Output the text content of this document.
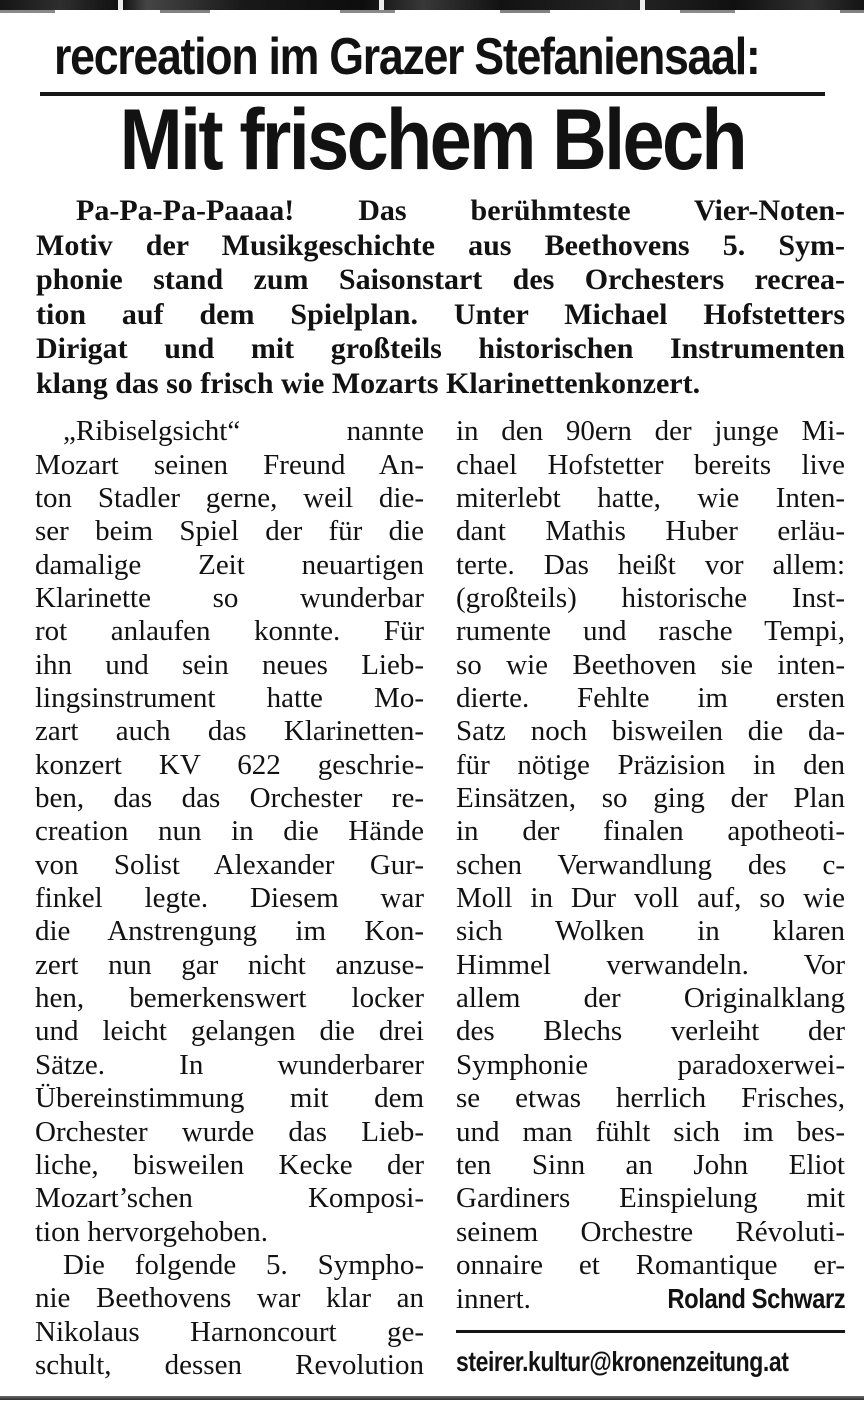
recreation im Grazer Stefaniensaal:
Mit frischem Blech
Pa-Pa-Pa-Paaaa! Das berühmteste Vier-Noten-
Motiv der Musikgeschichte aus Beethovens 5. Sym-
phonie stand zum Saisonstart des Orchesters recrea-
tion auf dem Spielplan. Unter Michael Hofstetters
Dirigat und mit großteils historischen Instrumenten
klang das so frisch wie Mozarts Klarinettenkonzert.
„Ribiselgsicht“ nannte
Mozart seinen Freund An-
ton Stadler gerne, weil die-
ser beim Spiel der für die
damalige Zeit neuartigen
Klarinette so wunderbar
rot anlaufen konnte. Für
ihn und sein neues Lieb-
lingsinstrument hatte Mo-
zart auch das Klarinetten-
konzert KV 622 geschrie-
ben, das das Orchester re-
creation nun in die Hände
von Solist Alexander Gur-
finkel legte. Diesem war
die Anstrengung im Kon-
zert nun gar nicht anzuse-
hen, bemerkenswert locker
und leicht gelangen die drei
Sätze. In wunderbarer
Übereinstimmung mit dem
Orchester wurde das Lieb-
liche, bisweilen Kecke der
Mozart’schen Komposi-
tion hervorgehoben.
Die folgende 5. Sympho-
nie Beethovens war klar an
Nikolaus Harnoncourt ge-
schult, dessen Revolution
in den 90ern der junge Mi-
chael Hofstetter bereits live
miterlebt hatte, wie Inten-
dant Mathis Huber erläu-
terte. Das heißt vor allem:
(großteils) historische Inst-
rumente und rasche Tempi,
so wie Beethoven sie inten-
dierte. Fehlte im ersten
Satz noch bisweilen die da-
für nötige Präzision in den
Einsätzen, so ging der Plan
in der finalen apotheoti-
schen Verwandlung des c-
Moll in Dur voll auf, so wie
sich Wolken in klaren
Himmel verwandeln. Vor
allem der Originalklang
des Blechs verleiht der
Symphonie paradoxerwei-
se etwas herrlich Frisches,
und man fühlt sich im bes-
ten Sinn an John Eliot
Gardiners Einspielung mit
seinem Orchestre Révoluti-
onnaire et Romantique er-
innert.	Roland Schwarz
steirer.kultur@kronenzeitung.at
